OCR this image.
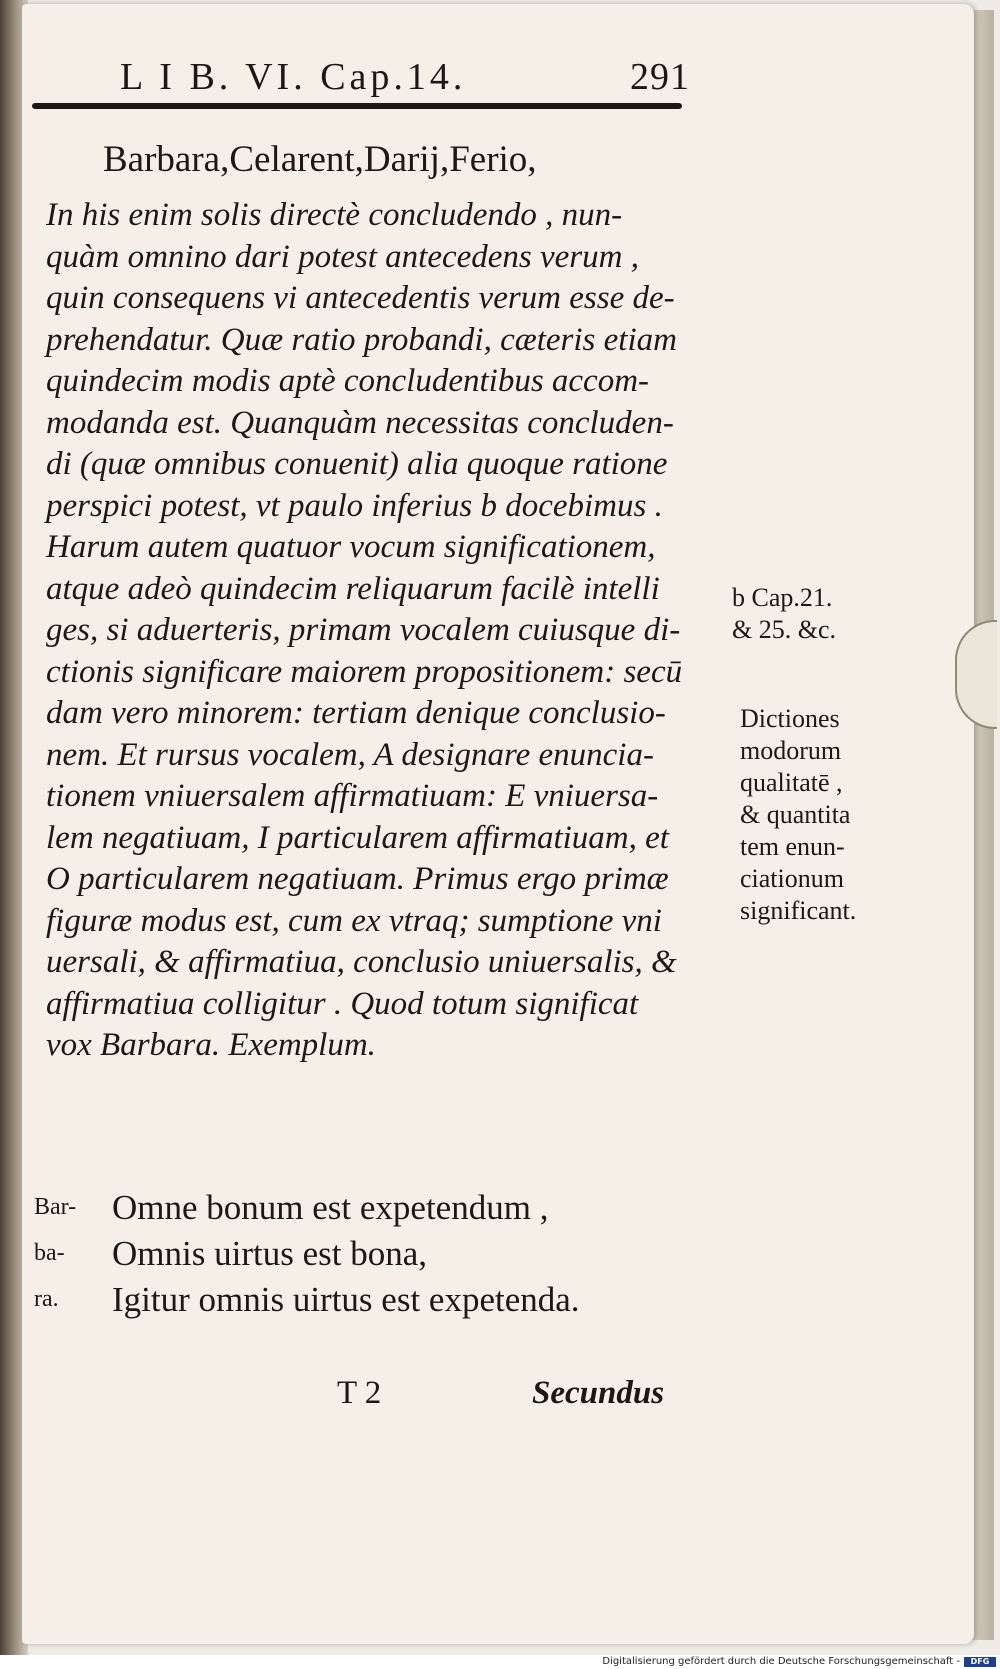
L I B. VI. Cap.14.	291
Barbara,Celarent,Darij,Ferio,
In his enim solis directè concludendo , nun-
quàm omnino dari potest antecedens verum ,
quin consequens vi antecedentis verum esse de-
prehendatur. Quæ ratio probandi, cæteris etiam
quindecim modis aptè concludentibus accom-
modanda est. Quanquàm necessitas concluden-
di (quæ omnibus conuenit) alia quoque ratione
perspici potest, vt paulo inferius b docebimus .
Harum autem quatuor vocum significationem,
atque adeò quindecim reliquarum facilè intelli
ges, si aduerteris, primam vocalem cuiusque di-
ctionis significare maiorem propositionem: secū
dam vero minorem: tertiam denique conclusio-
nem. Et rursus vocalem, A designare enuncia-
tionem vniuersalem affirmatiuam: E vniuersa-
lem negatiuam, I particularem affirmatiuam, et
O particularem negatiuam. Primus ergo primæ
figuræ modus est, cum ex vtraq; sumptione vni
uersali, & affirmatiua, conclusio uniuersalis, &
affirmatiua colligitur . Quod totum significat
vox Barbara. Exemplum.
b Cap.21.
& 25. &c.
Dictiones
modorum
qualitatē ,
& quantita
tem enun-
ciationum
significant.
Bar-	Omne bonum est expetendum ,
ba-	Omnis uirtus est bona,
ra.	Igitur omnis uirtus est expetenda.
T 2	Secundus
Digitalisierung gefördert durch die Deutsche Forschungsgemeinschaft -	DFG
